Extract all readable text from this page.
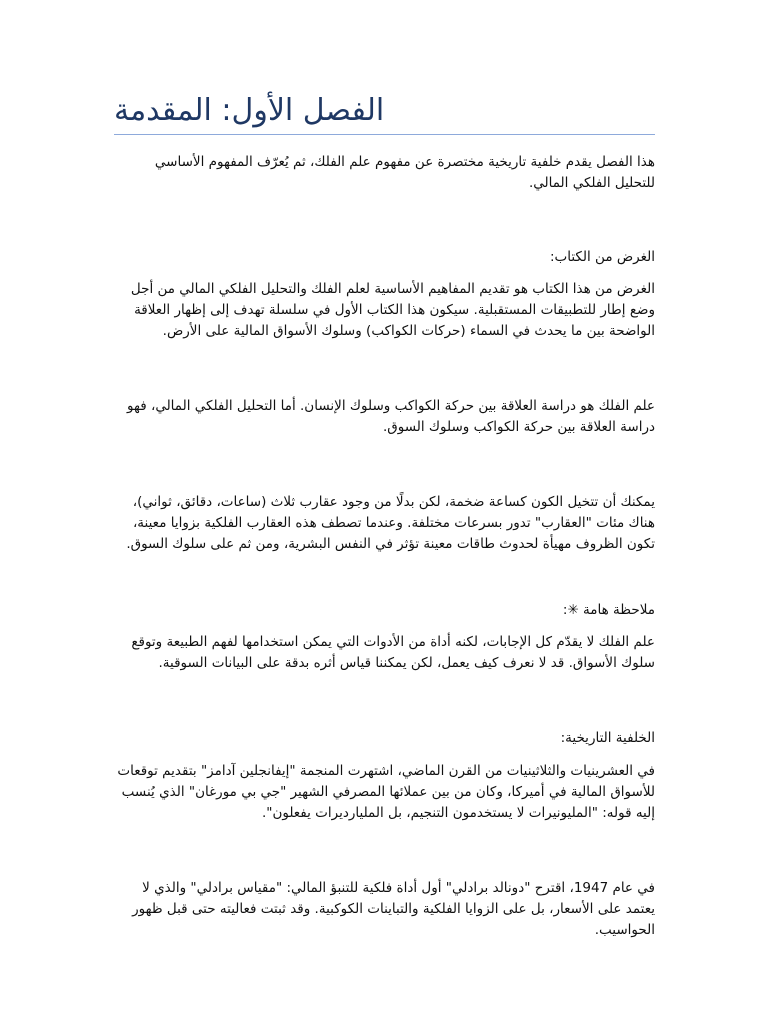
الفصل الأول: المقدمة

هذا الفصل يقدم خلفية تاريخية مختصرة عن مفهوم علم الفلك، ثم يُعرّف المفهوم الأساسي للتحليل الفلكي المالي.

الغرض من الكتاب:

الغرض من هذا الكتاب هو تقديم المفاهيم الأساسية لعلم الفلك والتحليل الفلكي المالي من أجل وضع إطار للتطبيقات المستقبلية. سيكون هذا الكتاب الأول في سلسلة تهدف إلى إظهار العلاقة الواضحة بين ما يحدث في السماء (حركات الكواكب) وسلوك الأسواق المالية على الأرض.

علم الفلك هو دراسة العلاقة بين حركة الكواكب وسلوك الإنسان. أما التحليل الفلكي المالي، فهو دراسة العلاقة بين حركة الكواكب وسلوك السوق.

يمكنك أن تتخيل الكون كساعة ضخمة، لكن بدلًا من وجود عقارب ثلاث (ساعات، دقائق، ثواني)، هناك مئات "العقارب" تدور بسرعات مختلفة. وعندما تصطف هذه العقارب الفلكية بزوايا معينة، تكون الظروف مهيأة لحدوث طاقات معينة تؤثر في النفس البشرية، ومن ثم على سلوك السوق.

ملاحظة هامة ✳:

علم الفلك لا يقدّم كل الإجابات، لكنه أداة من الأدوات التي يمكن استخدامها لفهم الطبيعة وتوقع سلوك الأسواق. قد لا نعرف كيف يعمل، لكن يمكننا قياس أثره بدقة على البيانات السوقية.

الخلفية التاريخية:

في العشرينيات والثلاثينيات من القرن الماضي، اشتهرت المنجمة "إيفانجلين آدامز" بتقديم توقعات للأسواق المالية في أميركا، وكان من بين عملائها المصرفي الشهير "جي بي مورغان" الذي يُنسب إليه قوله: "المليونيرات لا يستخدمون التنجيم، بل المليارديرات يفعلون".

في عام 1947، اقترح "دونالد برادلي" أول أداة فلكية للتنبؤ المالي: "مقياس برادلي" والذي لا يعتمد على الأسعار، بل على الزوايا الفلكية والتباينات الكوكبية. وقد ثبتت فعاليته حتى قبل ظهور الحواسيب.
